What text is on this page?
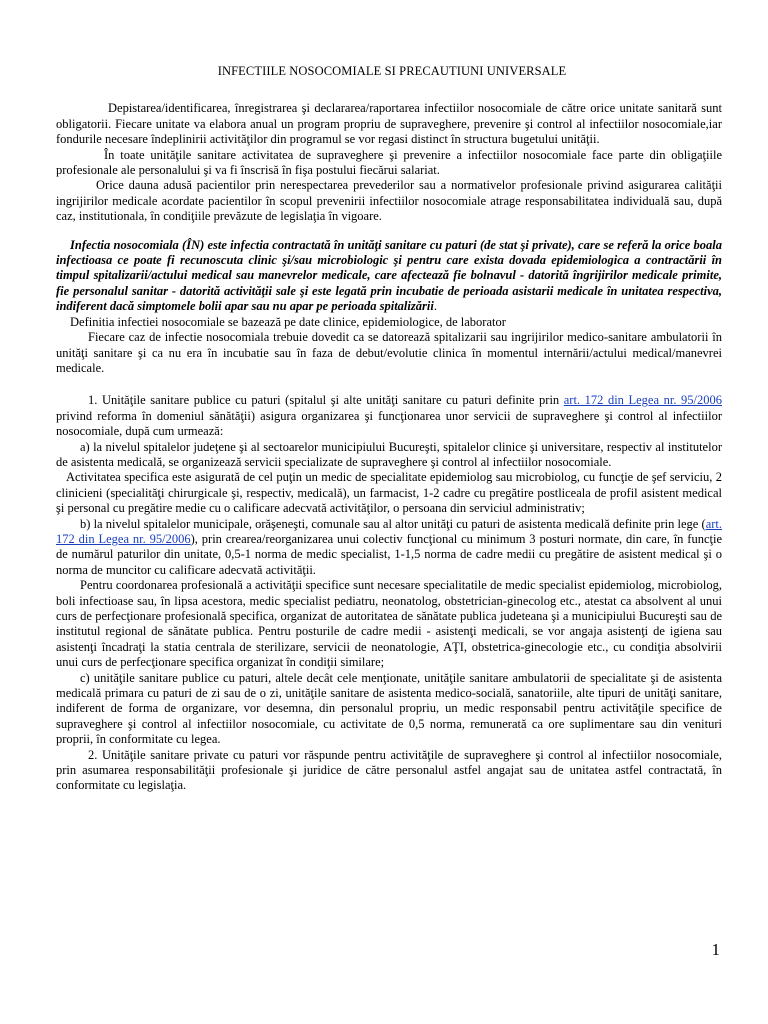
INFECTIILE NOSOCOMIALE SI PRECAUTIUNI UNIVERSALE

Depistarea/identificarea, înregistrarea şi declararea/raportarea infectiilor nosocomiale de către orice unitate sanitară sunt obligatorii. Fiecare unitate va elabora anual un program propriu de supraveghere, prevenire şi control al infectiilor nosocomiale,iar fondurile necesare îndeplinirii activităţilor din programul se vor regasi distinct în structura bugetului unităţii.

În toate unităţile sanitare activitatea de supraveghere şi prevenire a infectiilor nosocomiale face parte din obligaţiile profesionale ale personalului şi va fi înscrisă în fişa postului fiecărui salariat.

Orice dauna adusă pacientilor prin nerespectarea prevederilor sau a normativelor profesionale privind asigurarea calităţii ingrijirilor medicale acordate pacientilor în scopul prevenirii infectiilor nosocomiale atrage responsabilitatea individuală sau, după caz, institutionala, în condiţiile prevăzute de legislaţia în vigoare.

Infectia nosocomiala (ÎN) este infectia contractată în unităţi sanitare cu paturi (de stat şi private), care se referă la orice boala infectioasa ce poate fi recunoscuta clinic şi/sau microbiologic şi pentru care exista dovada epidemiologica a contractării în timpul spitalizarii/actului medical sau manevrelor medicale, care afectează fie bolnavul - datorită îngrijirilor medicale primite, fie personalul sanitar - datorită activităţii sale şi este legată prin incubatie de perioada asistarii medicale în unitatea respectiva, indiferent dacă simptomele bolii apar sau nu apar pe perioada spitalizării.

Definitia infectiei nosocomiale se bazează pe date clinice, epidemiologice, de laborator

Fiecare caz de infectie nosocomiala trebuie dovedit ca se datorează spitalizarii sau ingrijirilor medico-sanitare ambulatorii în unităţi sanitare şi ca nu era în incubatie sau în faza de debut/evolutie clinica în momentul internării/actului medical/manevrei medicale.

1. Unităţile sanitare publice cu paturi (spitalul şi alte unităţi sanitare cu paturi definite prin art. 172 din Legea nr. 95/2006 privind reforma în domeniul sănătăţii) asigura organizarea şi funcţionarea unor servicii de supraveghere şi control al infectiilor nosocomiale, după cum urmează:

a) la nivelul spitalelor judeţene şi al sectoarelor municipiului Bucureşti, spitalelor clinice şi universitare, respectiv al institutelor de asistenta medicală, se organizează servicii specializate de supraveghere şi control al infectiilor nosocomiale.

Activitatea specifica este asigurată de cel puţin un medic de specialitate epidemiolog sau microbiolog, cu funcţie de şef serviciu, 2 clinicieni (specialităţi chirurgicale şi, respectiv, medicală), un farmacist, 1-2 cadre cu pregătire postliceala de profil asistent medical şi personal cu pregătire medie cu o calificare adecvată activităţilor, o persoana din serviciul administrativ;

b) la nivelul spitalelor municipale, orăşeneşti, comunale sau al altor unităţi cu paturi de asistenta medicală definite prin lege (art. 172 din Legea nr. 95/2006), prin crearea/reorganizarea unui colectiv funcţional cu minimum 3 posturi normate, din care, în funcţie de numărul paturilor din unitate, 0,5-1 norma de medic specialist, 1-1,5 norma de cadre medii cu pregătire de asistent medical şi o norma de muncitor cu calificare adecvată activităţii.

Pentru coordonarea profesională a activităţii specifice sunt necesare specialitatile de medic specialist epidemiolog, microbiolog, boli infectioase sau, în lipsa acestora, medic specialist pediatru, neonatolog, obstetrician-ginecolog etc., atestat ca absolvent al unui curs de perfecţionare profesională specifica, organizat de autoritatea de sănătate publica judeteana şi a municipiului Bucureşti sau de institutul regional de sănătate publica. Pentru posturile de cadre medii - asistenţi medicali, se vor angaja asistenţi de igiena sau asistenţi încadraţi la statia centrala de sterilizare, servicii de neonatologie, AŢI, obstetrica-ginecologie etc., cu condiţia absolvirii unui curs de perfecţionare specifica organizat în condiţii similare;

c) unităţile sanitare publice cu paturi, altele decât cele menţionate, unităţile sanitare ambulatorii de specialitate şi de asistenta medicală primara cu paturi de zi sau de o zi, unităţile sanitare de asistenta medico-socială, sanatoriile, alte tipuri de unităţi sanitare, indiferent de forma de organizare, vor desemna, din personalul propriu, un medic responsabil pentru activităţile specifice de supraveghere şi control al infectiilor nosocomiale, cu activitate de 0,5 norma, remunerată ca ore suplimentare sau din venituri proprii, în conformitate cu legea.

2. Unităţile sanitare private cu paturi vor răspunde pentru activităţile de supraveghere şi control al infectiilor nosocomiale, prin asumarea responsabilităţii profesionale şi juridice de către personalul astfel angajat sau de unitatea astfel contractată, în conformitate cu legislaţia.

1
